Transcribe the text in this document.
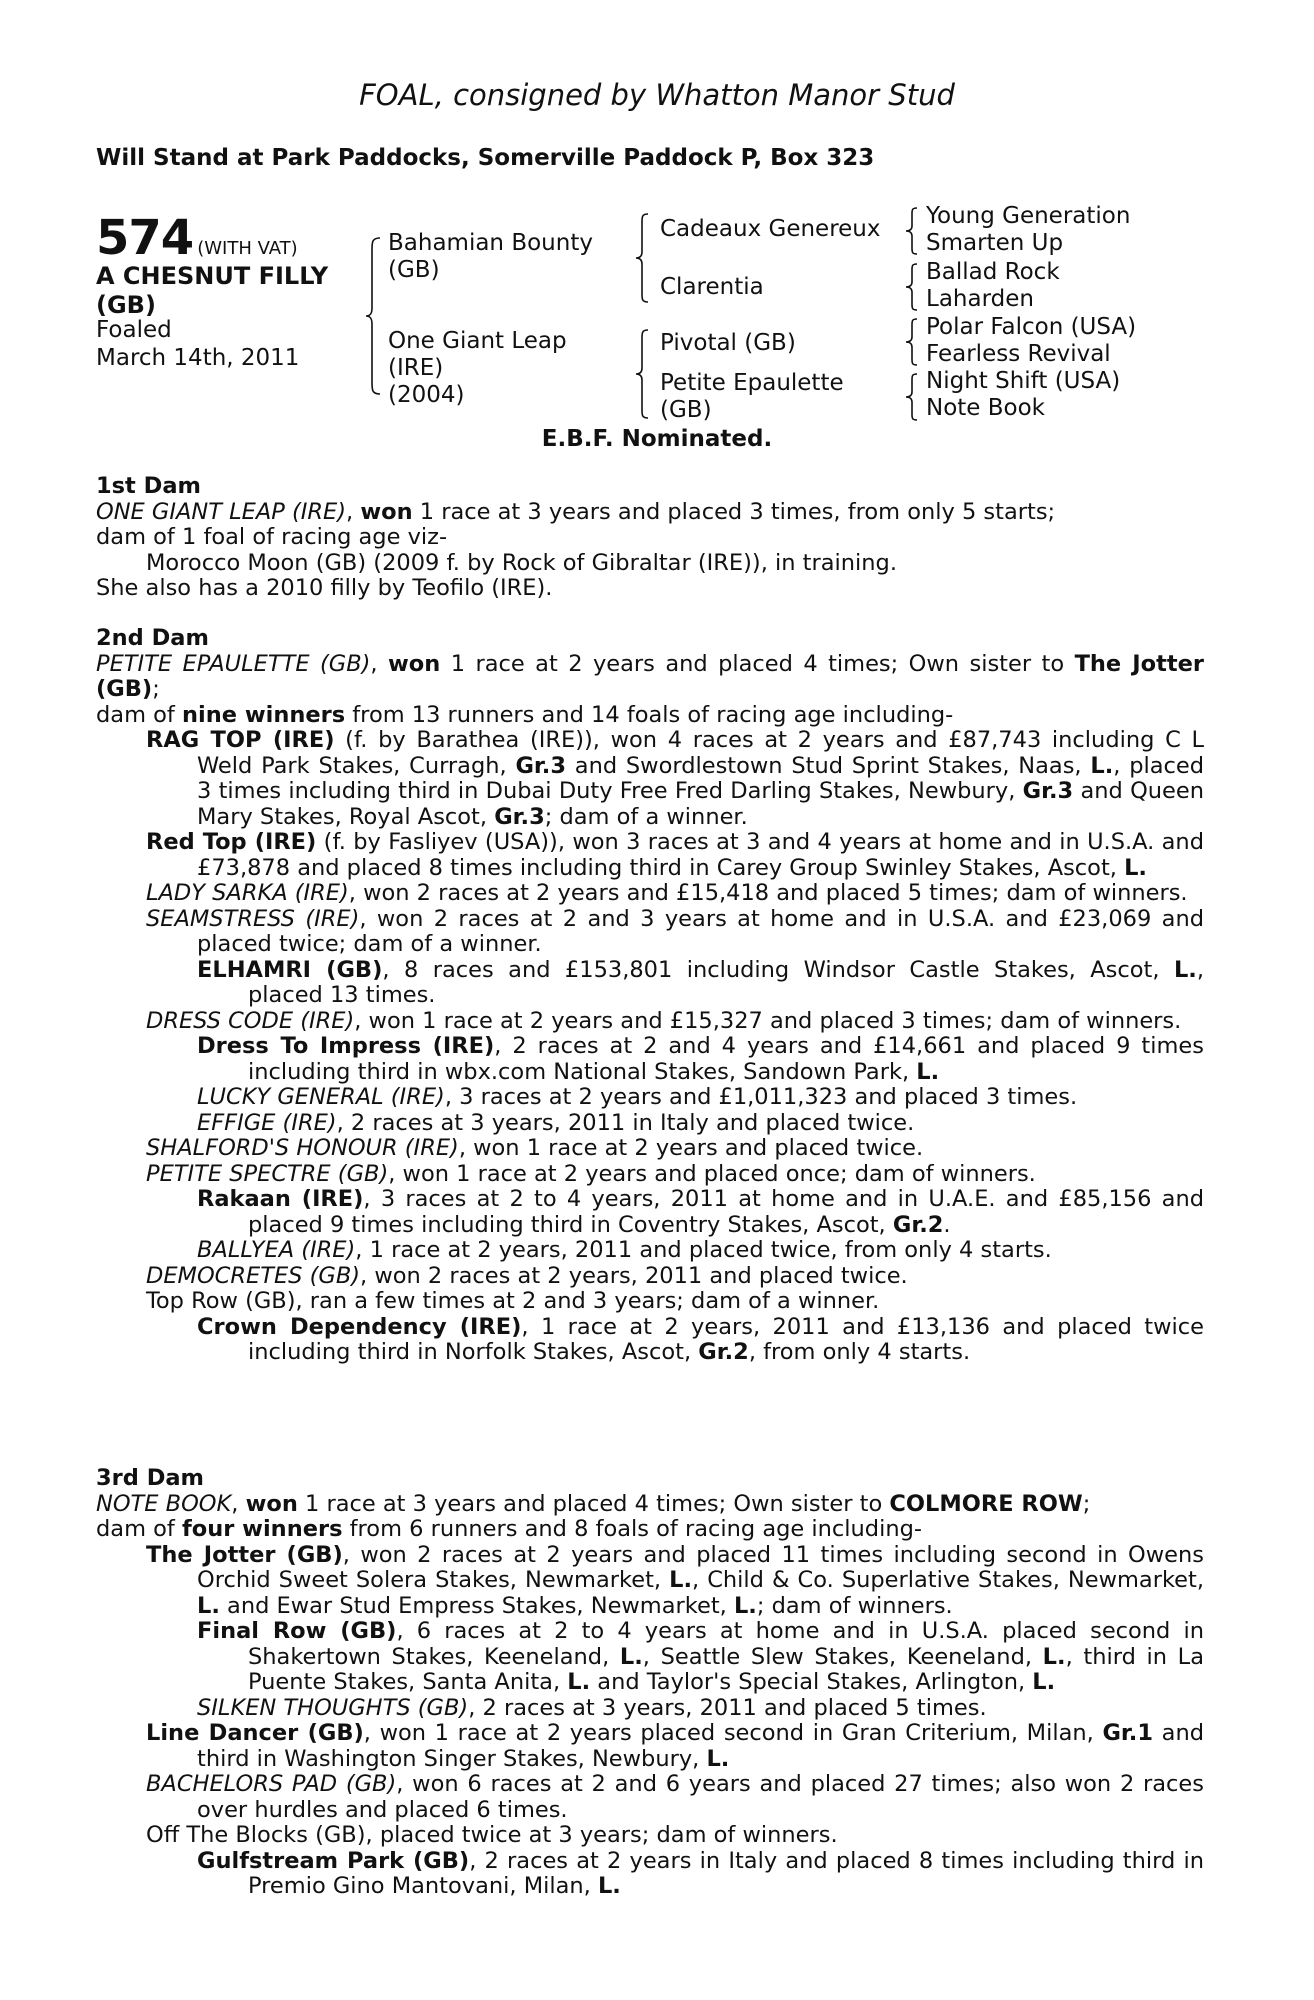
FOAL, consigned by Whatton Manor Stud
Will Stand at Park Paddocks, Somerville Paddock P, Box 323
574 (WITH VAT)
A CHESNUT FILLY
(GB)
Foaled
March 14th, 2011
Bahamian Bounty
(GB)
One Giant Leap
(IRE)
(2004)
Cadeaux Genereux
Clarentia
Pivotal (GB)
Petite Epaulette
(GB)
Young Generation
Smarten Up
Ballad Rock
Laharden
Polar Falcon (USA)
Fearless Revival
Night Shift (USA)
Note Book
E.B.F. Nominated.

1st Dam

ONE GIANT LEAP (IRE), won 1 race at 3 years and placed 3 times, from only 5 starts;

dam of 1 foal of racing age viz-

Morocco Moon (GB) (2009 f. by Rock of Gibraltar (IRE)), in training.

She also has a 2010 filly by Teofilo (IRE).

2nd Dam

PETITE EPAULETTE (GB), won 1 race at 2 years and placed 4 times; Own sister to The Jotter (GB);

dam of nine winners from 13 runners and 14 foals of racing age including-

RAG TOP (IRE) (f. by Barathea (IRE)), won 4 races at 2 years and £87,743 including C L Weld Park Stakes, Curragh, Gr.3 and Swordlestown Stud Sprint Stakes, Naas, L., placed 3 times including third in Dubai Duty Free Fred Darling Stakes, Newbury, Gr.3 and Queen Mary Stakes, Royal Ascot, Gr.3; dam of a winner.

Red Top (IRE) (f. by Fasliyev (USA)), won 3 races at 3 and 4 years at home and in U.S.A. and £73,878 and placed 8 times including third in Carey Group Swinley Stakes, Ascot, L.

LADY SARKA (IRE), won 2 races at 2 years and £15,418 and placed 5 times; dam of winners.

SEAMSTRESS (IRE), won 2 races at 2 and 3 years at home and in U.S.A. and £23,069 and placed twice; dam of a winner.

ELHAMRI (GB), 8 races and £153,801 including Windsor Castle Stakes, Ascot, L., placed 13 times.

DRESS CODE (IRE), won 1 race at 2 years and £15,327 and placed 3 times; dam of winners.

Dress To Impress (IRE), 2 races at 2 and 4 years and £14,661 and placed 9 times including third in wbx.com National Stakes, Sandown Park, L.

LUCKY GENERAL (IRE), 3 races at 2 years and £1,011,323 and placed 3 times.

EFFIGE (IRE), 2 races at 3 years, 2011 in Italy and placed twice.

SHALFORD'S HONOUR (IRE), won 1 race at 2 years and placed twice.

PETITE SPECTRE (GB), won 1 race at 2 years and placed once; dam of winners.

Rakaan (IRE), 3 races at 2 to 4 years, 2011 at home and in U.A.E. and £85,156 and placed 9 times including third in Coventry Stakes, Ascot, Gr.2.

BALLYEA (IRE), 1 race at 2 years, 2011 and placed twice, from only 4 starts.

DEMOCRETES (GB), won 2 races at 2 years, 2011 and placed twice.

Top Row (GB), ran a few times at 2 and 3 years; dam of a winner.

Crown Dependency (IRE), 1 race at 2 years, 2011 and £13,136 and placed twice including third in Norfolk Stakes, Ascot, Gr.2, from only 4 starts.

3rd Dam

NOTE BOOK, won 1 race at 3 years and placed 4 times; Own sister to COLMORE ROW;

dam of four winners from 6 runners and 8 foals of racing age including-

The Jotter (GB), won 2 races at 2 years and placed 11 times including second in Owens Orchid Sweet Solera Stakes, Newmarket, L., Child & Co. Superlative Stakes, Newmarket, L. and Ewar Stud Empress Stakes, Newmarket, L.; dam of winners.

Final Row (GB), 6 races at 2 to 4 years at home and in U.S.A. placed second in Shakertown Stakes, Keeneland, L., Seattle Slew Stakes, Keeneland, L., third in La Puente Stakes, Santa Anita, L. and Taylor's Special Stakes, Arlington, L.

SILKEN THOUGHTS (GB), 2 races at 3 years, 2011 and placed 5 times.

Line Dancer (GB), won 1 race at 2 years placed second in Gran Criterium, Milan, Gr.1 and third in Washington Singer Stakes, Newbury, L.

BACHELORS PAD (GB), won 6 races at 2 and 6 years and placed 27 times; also won 2 races over hurdles and placed 6 times.

Off The Blocks (GB), placed twice at 3 years; dam of winners.

Gulfstream Park (GB), 2 races at 2 years in Italy and placed 8 times including third in Premio Gino Mantovani, Milan, L.
